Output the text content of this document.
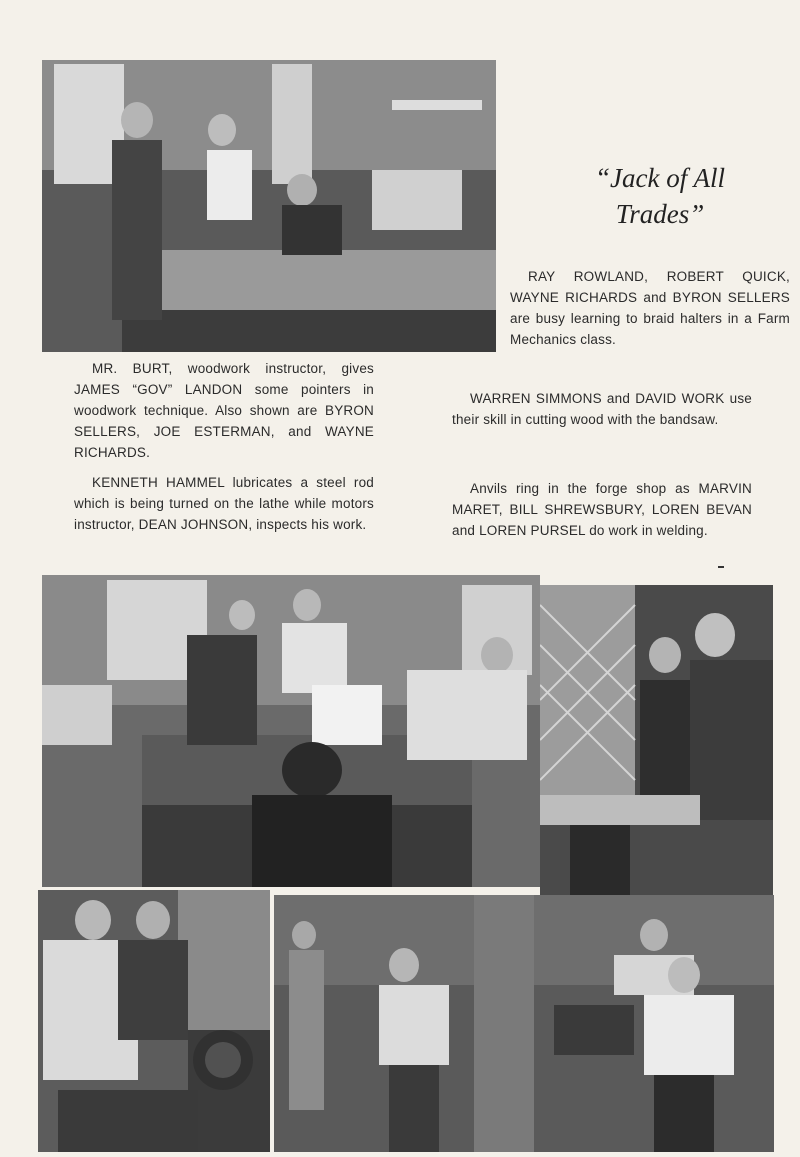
“Jack of All
Trades”

RAY ROWLAND, ROBERT QUICK, WAYNE RICHARDS and BYRON SELLERS are busy learning to braid halters in a Farm Mechanics class.

MR. BURT, woodwork instructor, gives JAMES “GOV” LANDON some pointers in woodwork technique. Also shown are BYRON SELLERS, JOE ESTERMAN, and WAYNE RICHARDS.

KENNETH HAMMEL lubricates a steel rod which is being turned on the lathe while motors instructor, DEAN JOHNSON, inspects his work.

WARREN SIMMONS and DAVID WORK use their skill in cutting wood with the bandsaw.

Anvils ring in the forge shop as MARVIN MARET, BILL SHREWSBURY, LOREN BEVAN and LOREN PURSEL do work in welding.
